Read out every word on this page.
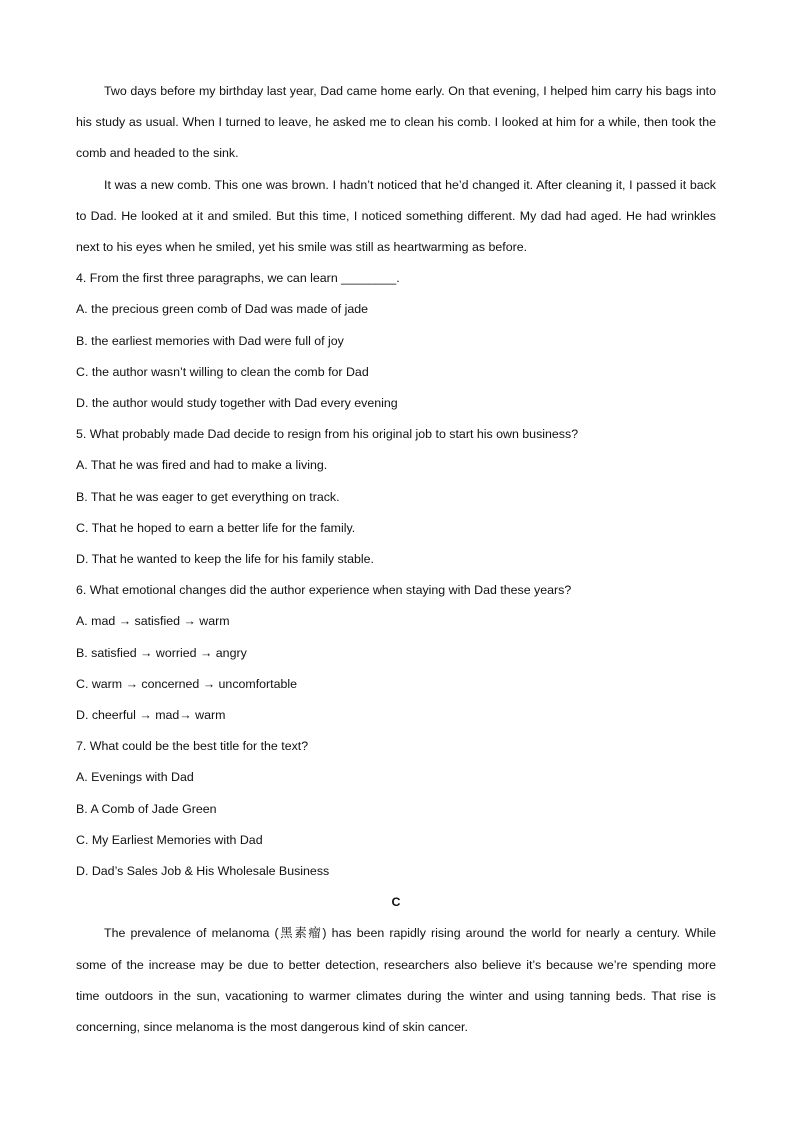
Two days before my birthday last year, Dad came home early. On that evening, I helped him carry his bags into his study as usual. When I turned to leave, he asked me to clean his comb. I looked at him for a while, then took the comb and headed to the sink.

It was a new comb. This one was brown. I hadn’t noticed that he’d changed it. After cleaning it, I passed it back to Dad. He looked at it and smiled. But this time, I noticed something different. My dad had aged. He had wrinkles next to his eyes when he smiled, yet his smile was still as heartwarming as before.

4. From the first three paragraphs, we can learn ________.

A. the precious green comb of Dad was made of jade

B. the earliest memories with Dad were full of joy

C. the author wasn’t willing to clean the comb for Dad

D. the author would study together with Dad every evening

5. What probably made Dad decide to resign from his original job to start his own business?

A. That he was fired and had to make a living.

B. That he was eager to get everything on track.

C. That he hoped to earn a better life for the family.

D. That he wanted to keep the life for his family stable.

6. What emotional changes did the author experience when staying with Dad these years?

A. mad → satisfied → warm

B. satisfied → worried → angry

C. warm → concerned → uncomfortable

D. cheerful → mad→ warm

7. What could be the best title for the text?

A. Evenings with Dad

B. A Comb of Jade Green

C. My Earliest Memories with Dad

D. Dad’s Sales Job & His Wholesale Business

C

The prevalence of melanoma (黑素瘤) has been rapidly rising around the world for nearly a century. While some of the increase may be due to better detection, researchers also believe it’s because we’re spending more time outdoors in the sun, vacationing to warmer climates during the winter and using tanning beds. That rise is concerning, since melanoma is the most dangerous kind of skin cancer.
